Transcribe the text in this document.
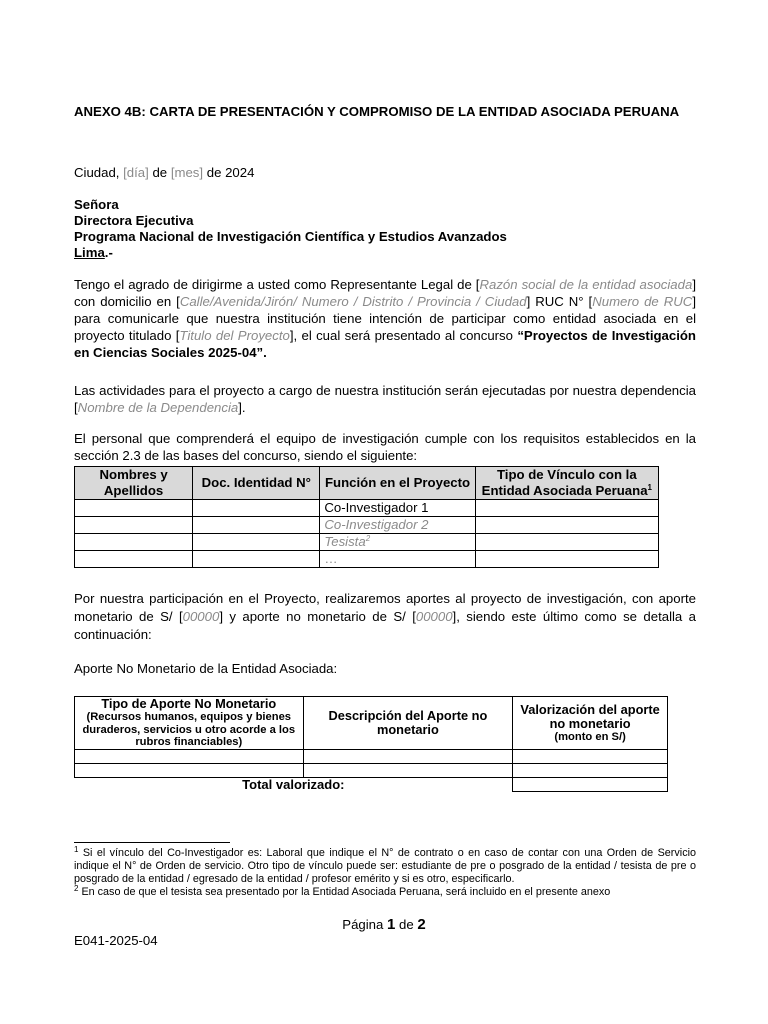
ANEXO 4B: CARTA DE PRESENTACIÓN Y COMPROMISO DE LA ENTIDAD ASOCIADA PERUANA
Ciudad, [día] de [mes] de 2024
Señora
Directora Ejecutiva
Programa Nacional de Investigación Científica y Estudios Avanzados
Lima.-
Tengo el agrado de dirigirme a usted como Representante Legal de [Razón social de la entidad asociada] con domicilio en [Calle/Avenida/Jirón/ Numero / Distrito / Provincia / Ciudad] RUC N° [Numero de RUC] para comunicarle que nuestra institución tiene intención de participar como entidad asociada en el proyecto titulado [Titulo del Proyecto], el cual será presentado al concurso “Proyectos de Investigación en Ciencias Sociales 2025-04”.
Las actividades para el proyecto a cargo de nuestra institución serán ejecutadas por nuestra dependencia [Nombre de la Dependencia].
El personal que comprenderá el equipo de investigación cumple con los requisitos establecidos en la sección 2.3 de las bases del concurso, siendo el siguiente:
Nombres y Apellidos	Doc. Identidad N°	Función en el Proyecto	Tipo de Vínculo con la Entidad Asociada Peruana$^1$
		Co-Investigador 1	
		Co-Investigador 2	
		Tesista$^2$	
		…	
Por nuestra participación en el Proyecto, realizaremos aportes al proyecto de investigación, con aporte monetario de S/ [00000] y aporte no monetario de S/ [00000], siendo este último como se detalla a continuación:
Aporte No Monetario de la Entidad Asociada:
Tipo de Aporte No Monetario
(Recursos humanos, equipos y bienes duraderos, servicios u otro acorde a los rubros financiables)	Descripción del Aporte no monetario	Valorización del aporte no monetario
(monto en S/)

Total valorizado:		
$^1$ Si el vínculo del Co-Investigador es: Laboral que indique el N° de contrato o en caso de contar con una Orden de Servicio indique el N° de Orden de servicio. Otro tipo de vínculo puede ser: estudiante de pre o posgrado de la entidad / tesista de pre o posgrado de la entidad / egresado de la entidad / profesor emérito y si es otro, especificarlo.
$^2$ En caso de que el tesista sea presentado por la Entidad Asociada Peruana, será incluido en el presente anexo
Página 1 de 2
E041-2025-04
